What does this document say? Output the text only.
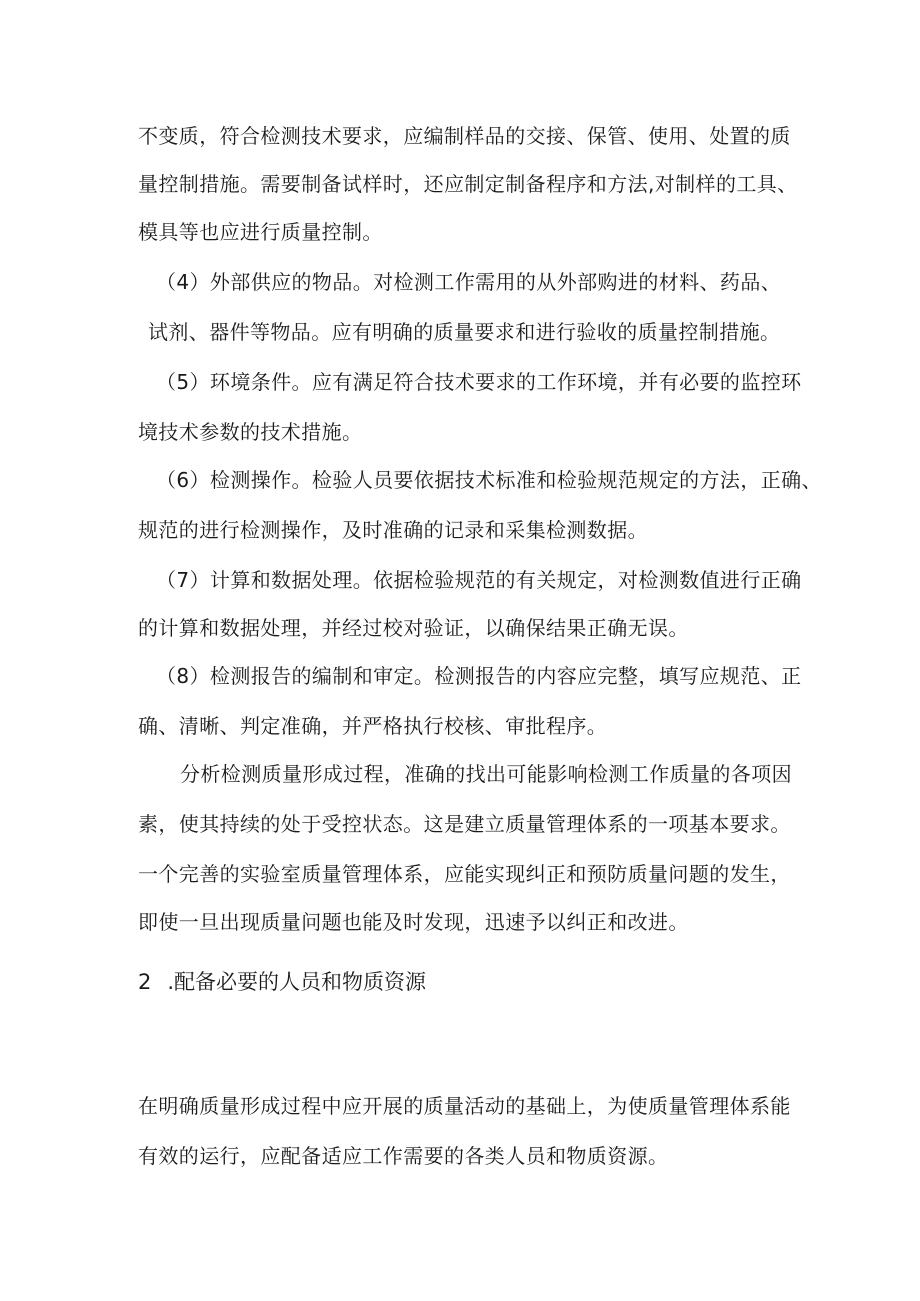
不变质，符合检测技术要求，应编制样品的交接、保管、使用、处置的质
量控制措施。需要制备试样时，还应制定制备程序和方法,对制样的工具、
模具等也应进行质量控制。
（4）外部供应的物品。对检测工作需用的从外部购进的材料、药品、
试剂、器件等物品。应有明确的质量要求和进行验收的质量控制措施。
（5）环境条件。应有满足符合技术要求的工作环境，并有必要的监控环
境技术参数的技术措施。
（6）检测操作。检验人员要依据技术标准和检验规范规定的方法，正确、
规范的进行检测操作，及时准确的记录和采集检测数据。
（7）计算和数据处理。依据检验规范的有关规定，对检测数值进行正确
的计算和数据处理，并经过校对验证，以确保结果正确无误。
（8）检测报告的编制和审定。检测报告的内容应完整，填写应规范、正
确、清晰、判定准确，并严格执行校核、审批程序。
分析检测质量形成过程，准确的找出可能影响检测工作质量的各项因
素，使其持续的处于受控状态。这是建立质量管理体系的一项基本要求。
一个完善的实验室质量管理体系，应能实现纠正和预防质量问题的发生，
即使一旦出现质量问题也能及时发现，迅速予以纠正和改进。
2 .配备必要的人员和物质资源
在明确质量形成过程中应开展的质量活动的基础上，为使质量管理体系能
有效的运行，应配备适应工作需要的各类人员和物质资源。
